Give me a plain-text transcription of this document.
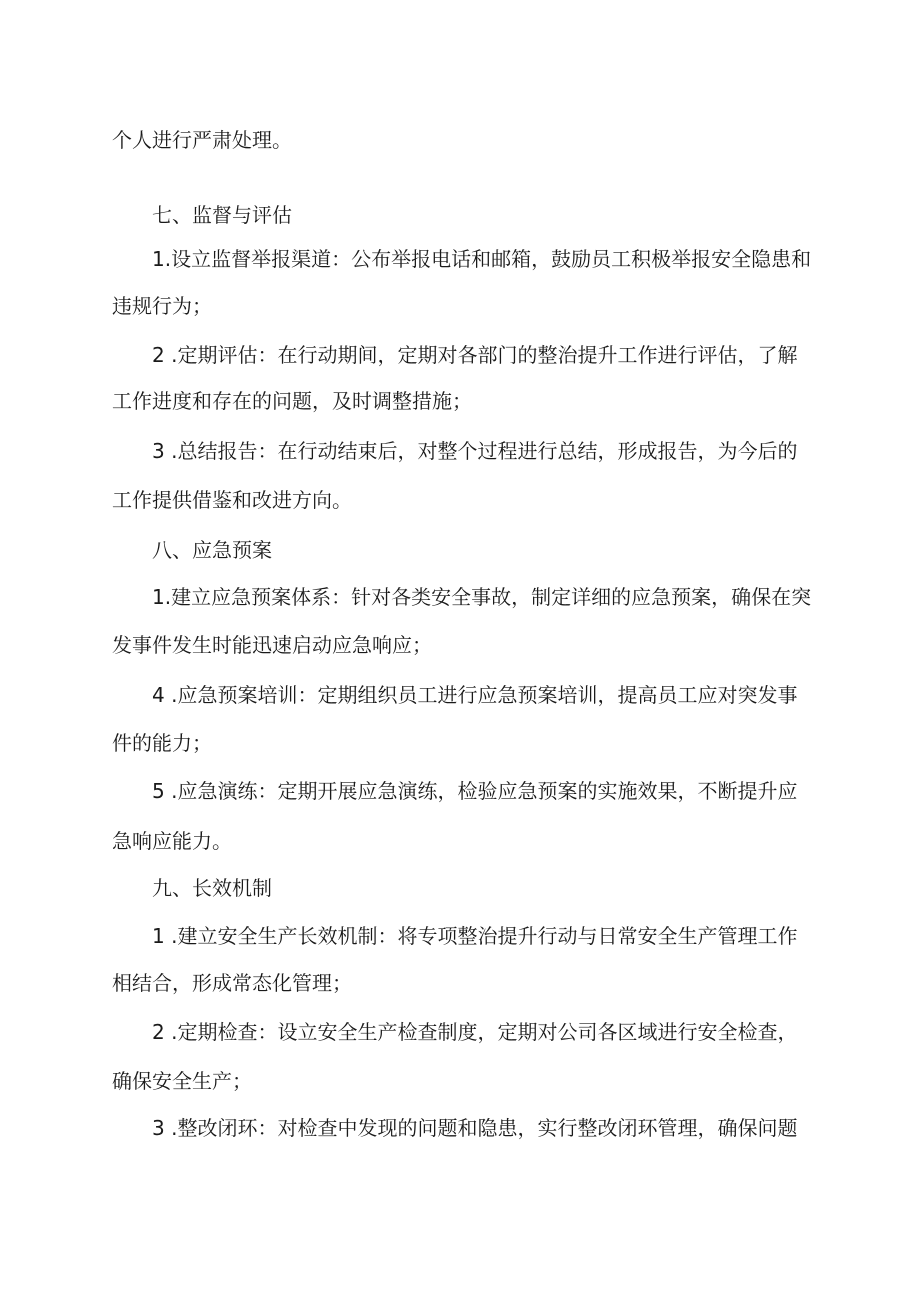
个人进行严肃处理。
七、监督与评估
1.设立监督举报渠道：公布举报电话和邮箱，鼓励员工积极举报安全隐患和
违规行为；
2 .定期评估：在行动期间，定期对各部门的整治提升工作进行评估，了解
工作进度和存在的问题，及时调整措施；
3 .总结报告：在行动结束后，对整个过程进行总结，形成报告，为今后的
工作提供借鉴和改进方向。
八、应急预案
1.建立应急预案体系：针对各类安全事故，制定详细的应急预案，确保在突
发事件发生时能迅速启动应急响应；
4 .应急预案培训：定期组织员工进行应急预案培训，提高员工应对突发事
件的能力；
5 .应急演练：定期开展应急演练，检验应急预案的实施效果，不断提升应
急响应能力。
九、长效机制
1 .建立安全生产长效机制：将专项整治提升行动与日常安全生产管理工作
相结合，形成常态化管理；
2 .定期检查：设立安全生产检查制度，定期对公司各区域进行安全检查，
确保安全生产；
3 .整改闭环：对检查中发现的问题和隐患，实行整改闭环管理，确保问题
